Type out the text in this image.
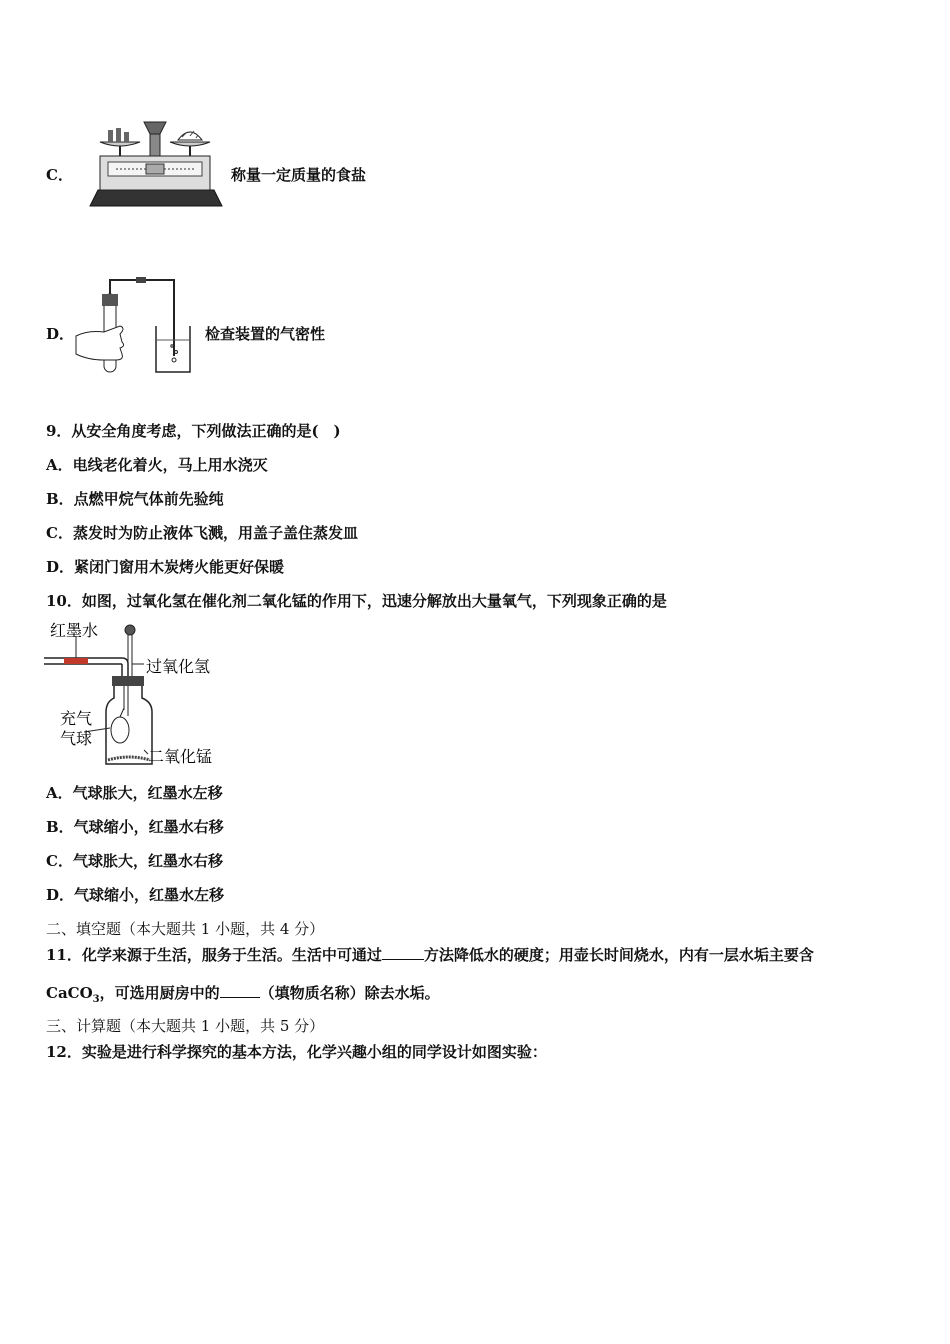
C．	称量一定质量的食盐
D．	检查装置的气密性
9．从安全角度考虑，下列做法正确的是(　)
A．电线老化着火，马上用水浇灭
B．点燃甲烷气体前先验纯
C．蒸发时为防止液体飞溅，用盖子盖住蒸发皿
D．紧闭门窗用木炭烤火能更好保暖
10．如图，过氧化氢在催化剂二氧化锰的作用下，迅速分解放出大量氧气，下列现象正确的是
红墨水
过氧化氢
充气
气球
二氧化锰
A．气球胀大，红墨水左移
B．气球缩小，红墨水右移
C．气球胀大，红墨水右移
D．气球缩小，红墨水左移
二、填空题（本大题共 1 小题，共 4 分）
11．化学来源于生活，服务于生活。生活中可通过	方法降低水的硬度；用壶长时间烧水，内有一层水垢主要含
CaCO$_3$，可选用厨房中的	（填物质名称）除去水垢。
三、计算题（本大题共 1 小题，共 5 分）
12．实验是进行科学探究的基本方法，化学兴趣小组的同学设计如图实验：
